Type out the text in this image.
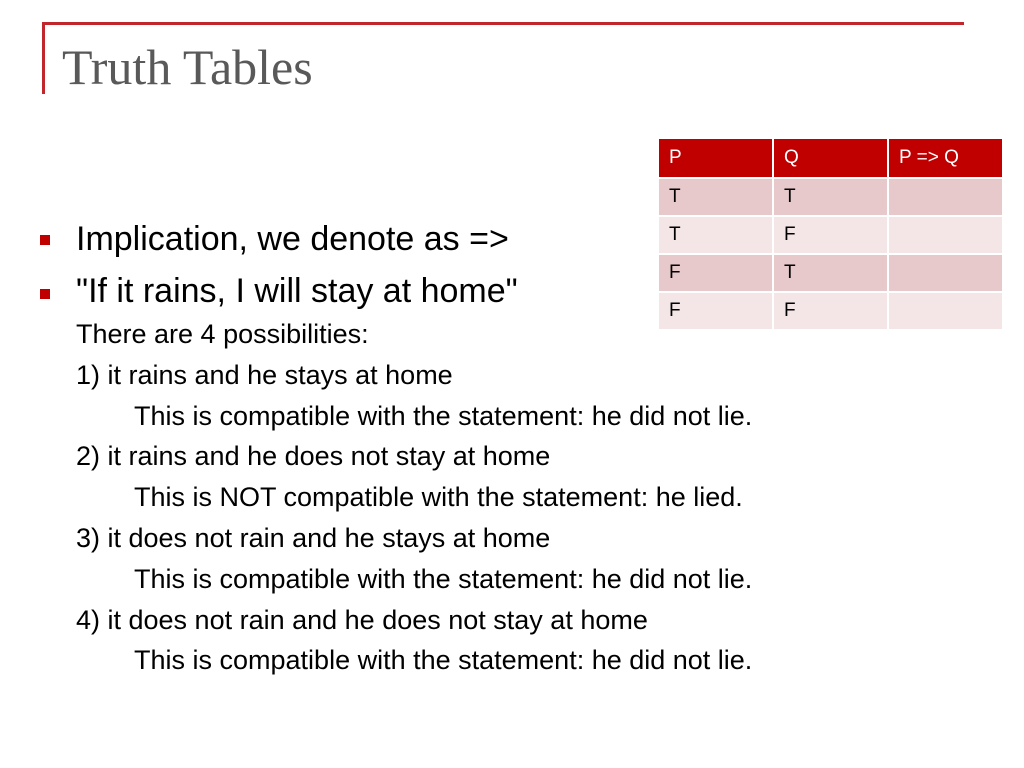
Truth Tables
P	Q	P => Q
T	T	
T	F	
F	T	
F	F	
Implication, we denote as =>
"If it rains, I will stay at home"
There are 4 possibilities:
1) it rains and he stays at home
This is compatible with the statement: he did not lie.
2) it rains and he does not stay at home
This is NOT compatible with the statement: he lied.
3) it does not rain and he stays at home
This is compatible with the statement: he did not lie.
4) it does not rain and he does not stay at home
This is compatible with the statement: he did not lie.
